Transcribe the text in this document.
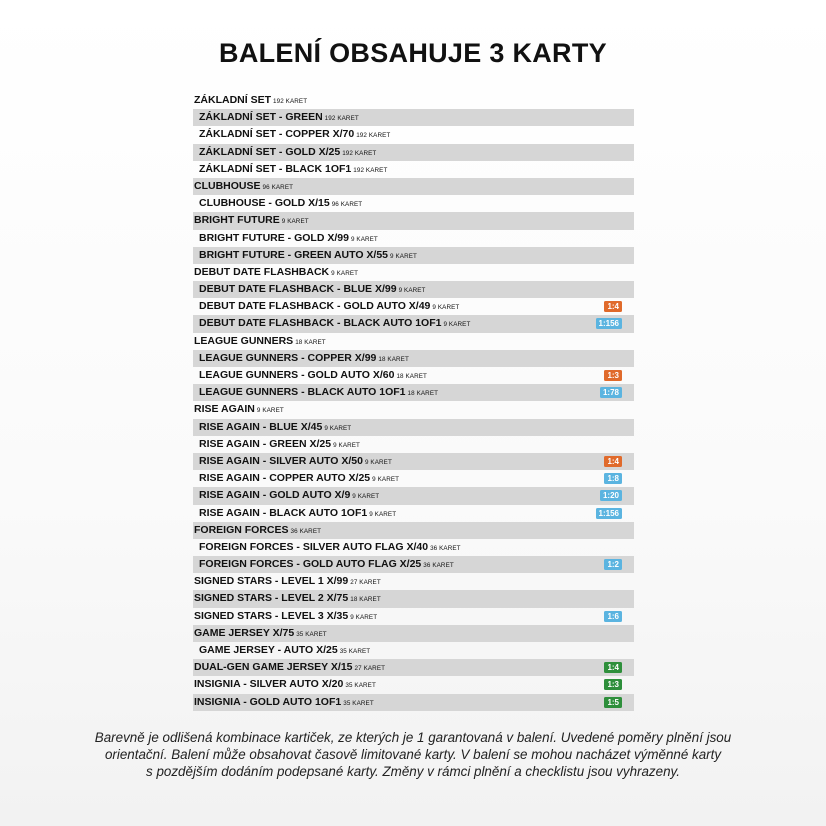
BALENÍ OBSAHUJE 3 KARTY
ZÁKLADNÍ SET 192 KARET
ZÁKLADNÍ SET - GREEN 192 KARET
ZÁKLADNÍ SET - COPPER X/70 192 KARET
ZÁKLADNÍ SET - GOLD X/25 192 KARET
ZÁKLADNÍ SET - BLACK 1OF1 192 KARET
CLUBHOUSE 96 KARET
CLUBHOUSE - GOLD X/15 96 KARET
BRIGHT FUTURE 9 KARET
BRIGHT FUTURE - GOLD X/99 9 KARET
BRIGHT FUTURE - GREEN AUTO X/55 9 KARET
DEBUT DATE FLASHBACK 9 KARET
DEBUT DATE FLASHBACK - BLUE X/99 9 KARET
DEBUT DATE FLASHBACK - GOLD AUTO X/49 9 KARET	1:4
DEBUT DATE FLASHBACK - BLACK AUTO 1OF1 9 KARET	1:156
LEAGUE GUNNERS 18 KARET
LEAGUE GUNNERS - COPPER X/99 18 KARET
LEAGUE GUNNERS - GOLD AUTO X/60 18 KARET	1:3
LEAGUE GUNNERS - BLACK AUTO 1OF1 18 KARET	1:78
RISE AGAIN 9 KARET
RISE AGAIN - BLUE X/45 9 KARET
RISE AGAIN - GREEN X/25 9 KARET
RISE AGAIN - SILVER AUTO X/50 9 KARET	1:4
RISE AGAIN - COPPER AUTO X/25 9 KARET	1:8
RISE AGAIN - GOLD AUTO X/9 9 KARET	1:20
RISE AGAIN - BLACK AUTO 1OF1 9 KARET	1:156
FOREIGN FORCES 36 KARET
FOREIGN FORCES - SILVER AUTO FLAG X/40 36 KARET
FOREIGN FORCES - GOLD AUTO FLAG X/25 36 KARET	1:2
SIGNED STARS - LEVEL 1 X/99 27 KARET
SIGNED STARS - LEVEL 2 X/75 18 KARET
SIGNED STARS - LEVEL 3 X/35 9 KARET	1:6
GAME JERSEY X/75 35 KARET
GAME JERSEY - AUTO X/25 35 KARET
DUAL-GEN GAME JERSEY X/15 27 KARET	1:4
INSIGNIA - SILVER AUTO X/20 35 KARET	1:3
INSIGNIA - GOLD AUTO 1OF1 35 KARET	1:5
Barevně je odlišená kombinace kartiček, ze kterých je 1 garantovaná v balení. Uvedené poměry plnění jsou
orientační. Balení může obsahovat časově limitované karty. V balení se mohou nacházet výměnné karty
s pozdějším dodáním podepsané karty. Změny v rámci plnění a checklistu jsou vyhrazeny.
